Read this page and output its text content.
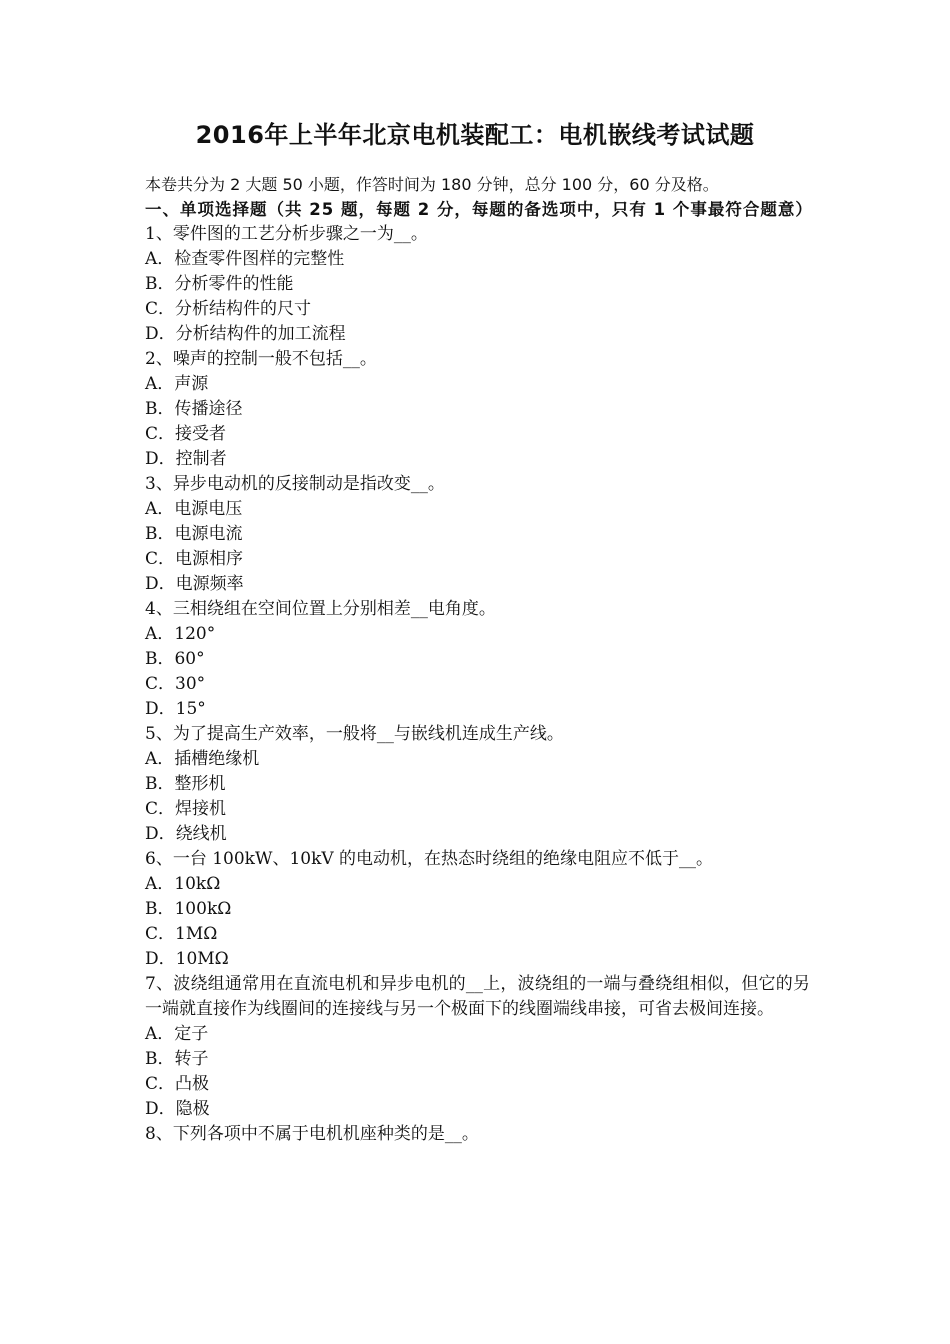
2016年上半年北京电机装配工：电机嵌线考试试题
本卷共分为 2 大题 50 小题，作答时间为 180 分钟，总分 100 分，60 分及格。
一、单项选择题（共 25 题，每题 2 分，每题的备选项中，只有 1 个事最符合题意）
1、零件图的工艺分析步骤之一为__。
A．检查零件图样的完整性
B．分析零件的性能
C．分析结构件的尺寸
D．分析结构件的加工流程
2、噪声的控制一般不包括__。
A．声源
B．传播途径
C．接受者
D．控制者
3、异步电动机的反接制动是指改变__。
A．电源电压
B．电源电流
C．电源相序
D．电源频率
4、三相绕组在空间位置上分别相差__电角度。
A．120°
B．60°
C．30°
D．15°
5、为了提高生产效率，一般将__与嵌线机连成生产线。
A．插槽绝缘机
B．整形机
C．焊接机
D．绕线机
6、一台 100kW、10kV 的电动机，在热态时绕组的绝缘电阻应不低于__。
A．10kΩ
B．100kΩ
C．1MΩ
D．10MΩ
7、波绕组通常用在直流电机和异步电机的__上，波绕组的一端与叠绕组相似，但它的另一端就直接作为线圈间的连接线与另一个极面下的线圈端线串接，可省去极间连接。
A．定子
B．转子
C．凸极
D．隐极
8、下列各项中不属于电机机座种类的是__。
